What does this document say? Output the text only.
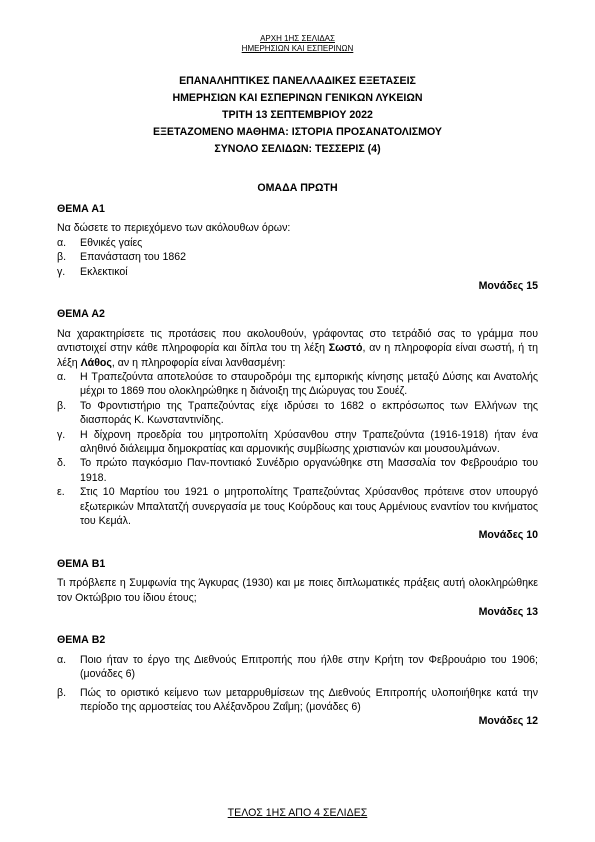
ΑΡΧΗ 1ΗΣ ΣΕΛΙΔΑΣ
ΗΜΕΡΗΣΙΩΝ ΚΑΙ ΕΣΠΕΡΙΝΩΝ
ΕΠΑΝΑΛΗΠΤΙΚΕΣ ΠΑΝΕΛΛΑΔΙΚΕΣ ΕΞΕΤΑΣΕΙΣ
ΗΜΕΡΗΣΙΩΝ ΚΑΙ ΕΣΠΕΡΙΝΩΝ ΓΕΝΙΚΩΝ ΛΥΚΕΙΩΝ
ΤΡΙΤΗ 13 ΣΕΠΤΕΜΒΡΙΟΥ 2022
ΕΞΕΤΑΖΟΜΕΝΟ ΜΑΘΗΜΑ: ΙΣΤΟΡΙΑ ΠΡΟΣΑΝΑΤΟΛΙΣΜΟΥ
ΣΥΝΟΛΟ ΣΕΛΙΔΩΝ: ΤΕΣΣΕΡΙΣ (4)
ΟΜΑΔΑ ΠΡΩΤΗ
ΘΕΜΑ Α1
Να δώσετε το περιεχόμενο των ακόλουθων όρων:
α.	Εθνικές γαίες
β.	Επανάσταση του 1862
γ.	Εκλεκτικοί
Μονάδες 15
ΘΕΜΑ Α2
Να χαρακτηρίσετε τις προτάσεις που ακολουθούν, γράφοντας στο τετράδιό σας το γράμμα που αντιστοιχεί στην κάθε πληροφορία και δίπλα του τη λέξη Σωστό, αν η πληροφορία είναι σωστή, ή τη λέξη Λάθος, αν η πληροφορία είναι λανθασμένη:
α.	Η Τραπεζούντα αποτελούσε το σταυροδρόμι της εμπορικής κίνησης μεταξύ Δύσης και Ανατολής μέχρι το 1869 που ολοκληρώθηκε η διάνοιξη της Διώρυγας του Σουέζ.
β.	Το Φροντιστήριο της Τραπεζούντας είχε ιδρύσει το 1682 ο εκπρόσωπος των Ελλήνων της διασποράς Κ. Κωνσταντινίδης.
γ.	Η δίχρονη προεδρία του μητροπολίτη Χρύσανθου στην Τραπεζούντα (1916-1918) ήταν ένα αληθινό διάλειμμα δημοκρατίας και αρμονικής συμβίωσης χριστιανών και μουσουλμάνων.
δ.	Το πρώτο παγκόσμιο Παν-ποντιακό Συνέδριο οργανώθηκε στη Μασσαλία τον Φεβρουάριο του 1918.
ε.	Στις 10 Μαρτίου του 1921 ο μητροπολίτης Τραπεζούντας Χρύσανθος πρότεινε στον υπουργό εξωτερικών Μπαλτατζή συνεργασία με τους Κούρδους και τους Αρμένιους εναντίον του κινήματος του Κεμάλ.
Μονάδες 10
ΘΕΜΑ Β1
Τι πρόβλεπε η Συμφωνία της Άγκυρας (1930) και με ποιες διπλωματικές πράξεις αυτή ολοκληρώθηκε τον Οκτώβριο του ίδιου έτους;
Μονάδες 13
ΘΕΜΑ Β2
α.	Ποιο ήταν το έργο της Διεθνούς Επιτροπής που ήλθε στην Κρήτη τον Φεβρουάριο του 1906; (μονάδες 6)
β.	Πώς το οριστικό κείμενο των μεταρρυθμίσεων της Διεθνούς Επιτροπής υλοποιήθηκε κατά την περίοδο της αρμοστείας του Αλέξανδρου Ζαΐμη; (μονάδες 6)
Μονάδες 12
ΤΕΛΟΣ 1ΗΣ ΑΠΟ 4 ΣΕΛΙΔΕΣ
